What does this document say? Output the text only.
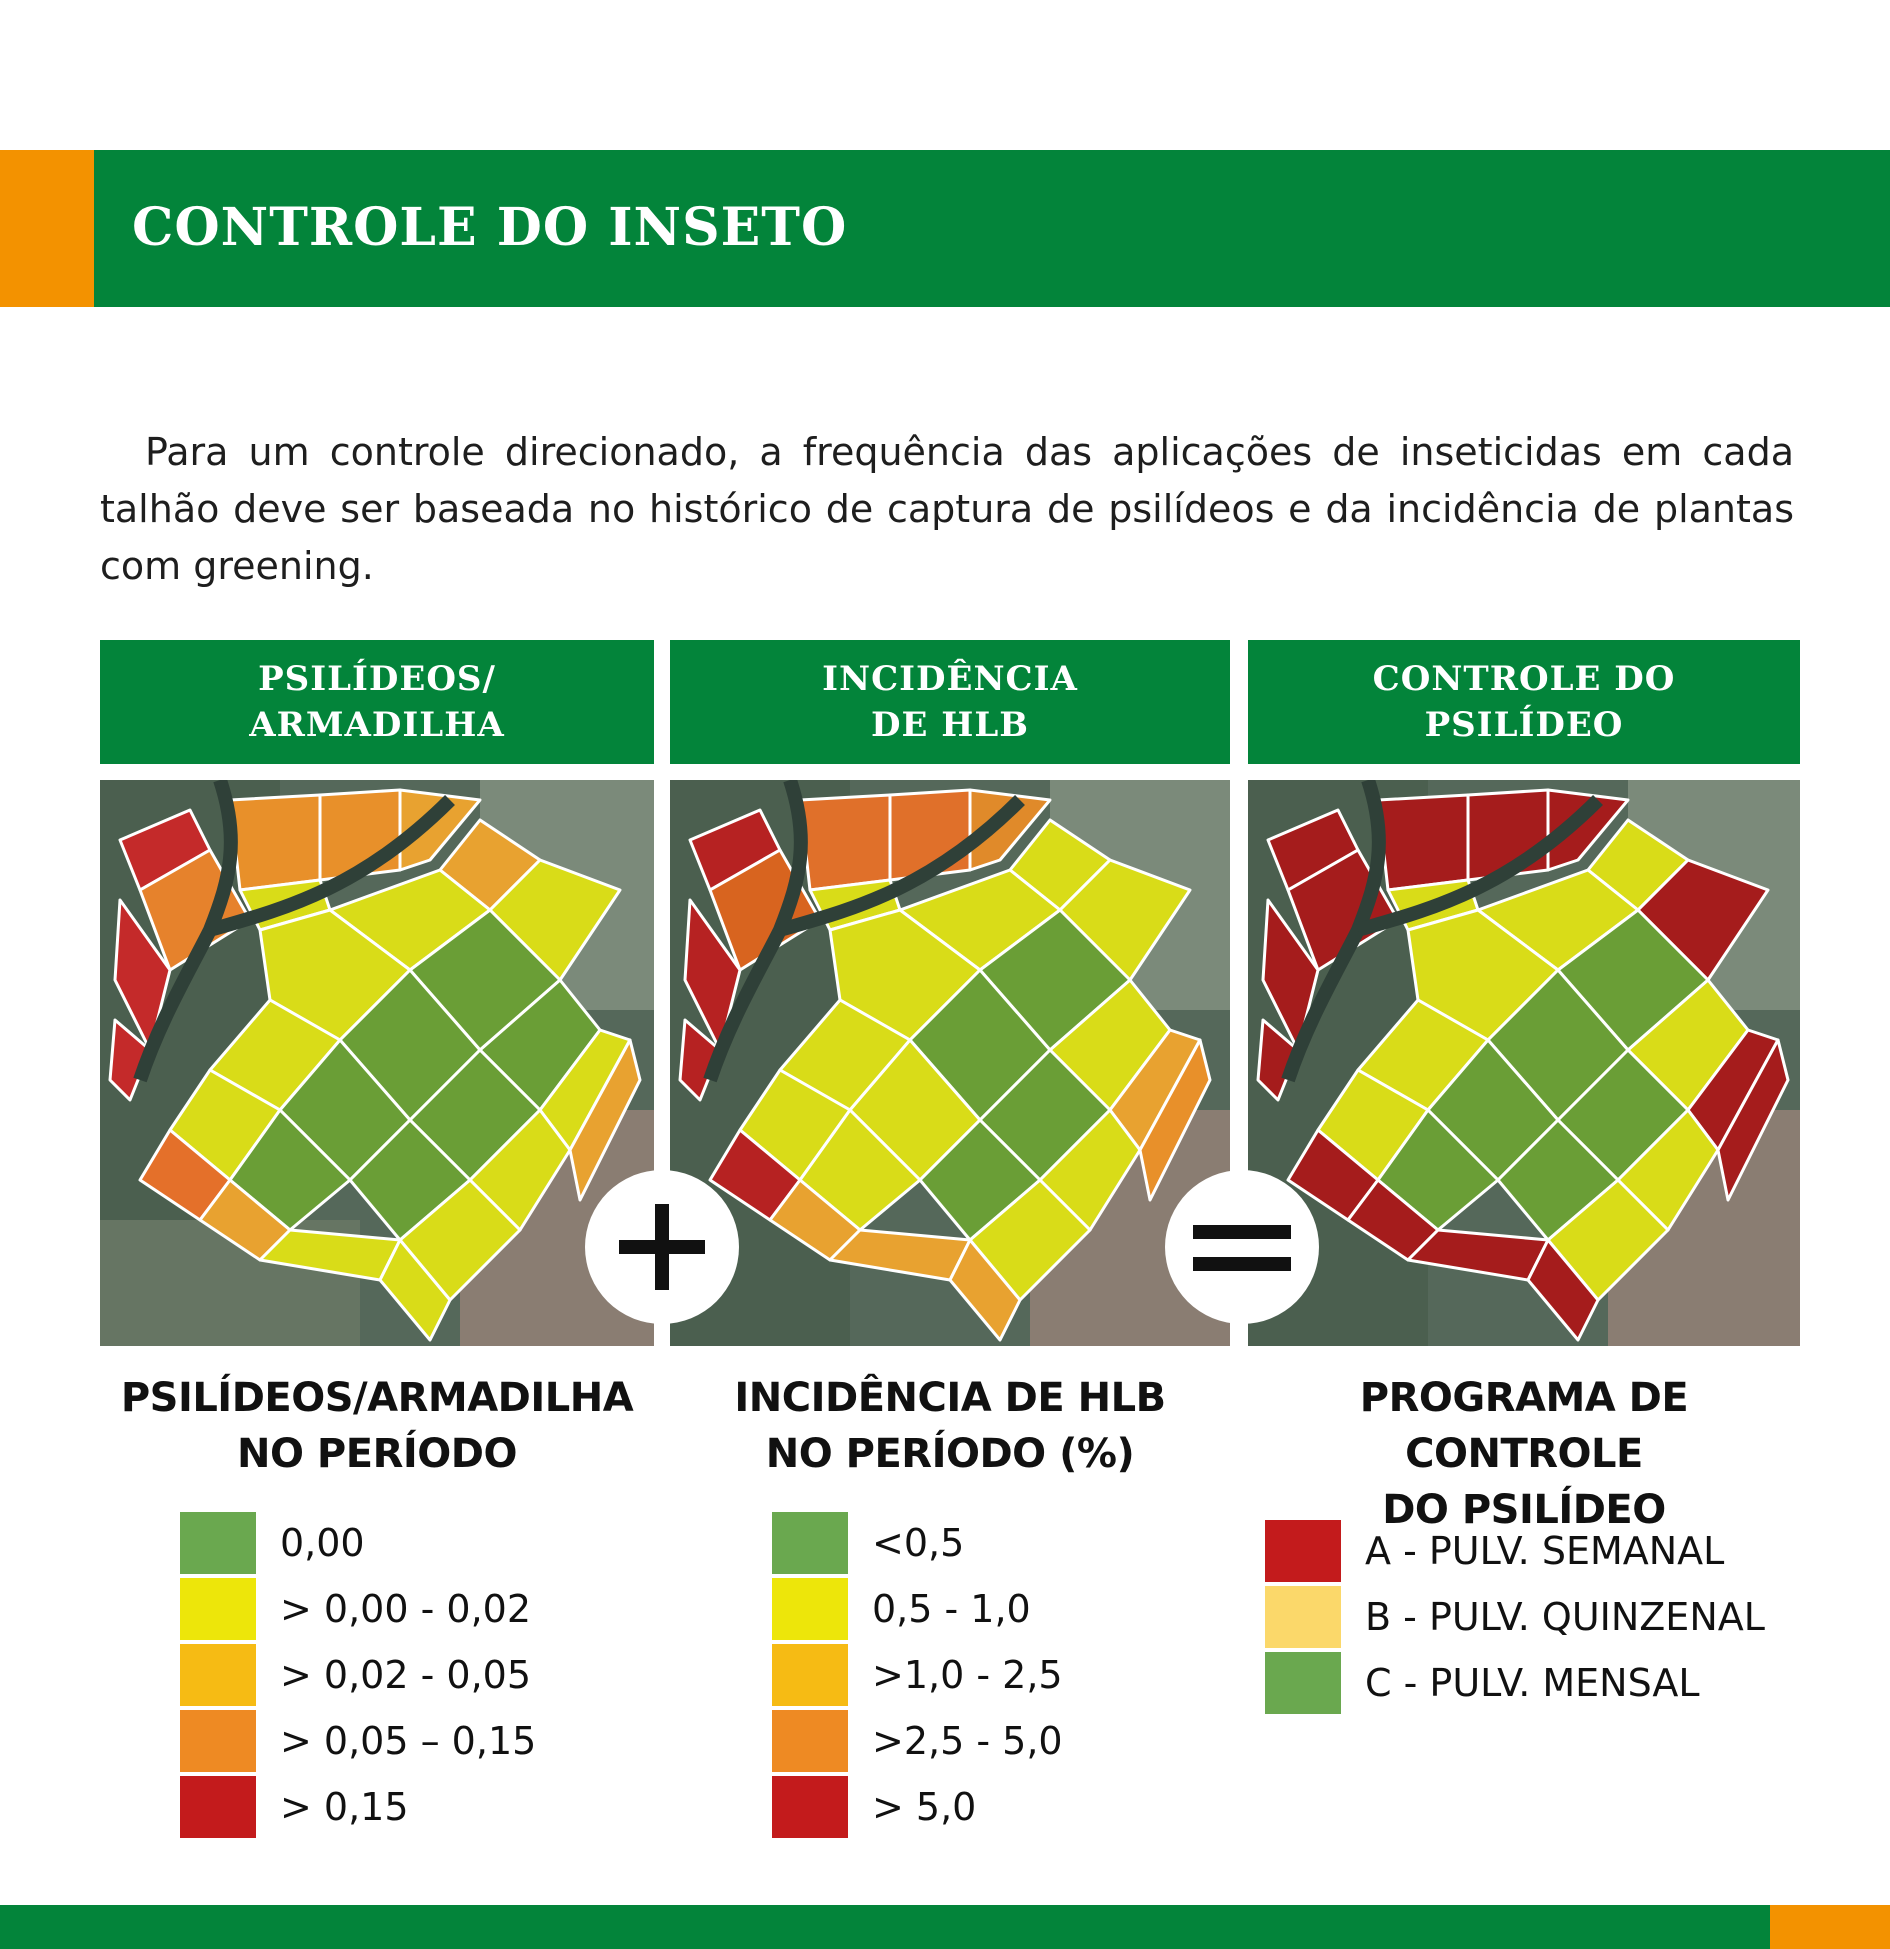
CONTROLE DO INSETO

Para um controle direcionado, a frequência das aplicações de inseticidas em cada talhão deve ser baseada no histórico de captura de psilídeos e da incidência de plantas com greening.

PSILÍDEOS/
ARMADILHA
INCIDÊNCIA
DE HLB
CONTROLE DO
PSILÍDEO
PSILÍDEOS/ARMADILHA
NO PERÍODO
INCIDÊNCIA DE HLB
NO PERÍODO (%)
PROGRAMA DE CONTROLE
DO PSILÍDEO
0,00
> 0,00 - 0,02
> 0,02 - 0,05
> 0,05 – 0,15
> 0,15
<0,5
0,5 - 1,0
>1,0 - 2,5
>2,5 - 5,0
> 5,0
A - PULV. SEMANAL
B - PULV. QUINZENAL
C - PULV. MENSAL
